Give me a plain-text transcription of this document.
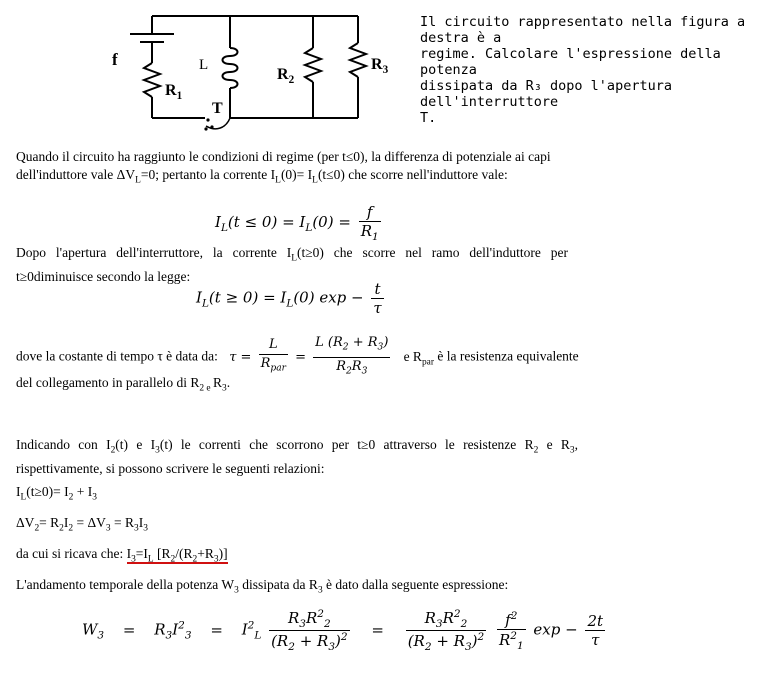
f	L
$R_1$
$R_2$
$R_3$
T
Il circuito rappresentato nella figura a destra è a
regime. Calcolare l'espressione della potenza
dissipata da R₃ dopo l'apertura dell'interruttore
T.
Quando il circuito ha raggiunto le condizioni di regime (per t≤0), la differenza di potenziale ai capi
dell'induttore vale $\Delta V_L=0$; pertanto la corrente $I_L(0)= I_L(t\le 0)$ che scorre nell'induttore vale:
$I_L(t \le 0) = I_L(0) = \frac{f}{R_1}$
Dopo l'apertura dell'interruttore, la corrente $I_L(t\ge 0)$ che scorre nel ramo dell'induttore per
t≥0diminuisce secondo la legge:
$I_L(t \ge 0) = I_L(0) \exp - \frac{t}{\tau}$
dove la costante di tempo τ è data da: $\tau = \frac{L}{R_{par}} = \frac{L (R_2 + R_3)}{R_2R_3}$ e $R_{par}$ è la resistenza equivalente
del collegamento in parallelo di $R_2$ $_e$ $R_3$.
Indicando con $I_2(t)$ e $I_3(t)$ le correnti che scorrono per t≥0 attraverso le resistenze $R_2$ e $R_3$,
rispettivamente, si possono scrivere le seguenti relazioni:
$I_L(t\ge 0)= I_2 + I_3$
$\Delta V_2= R_2I_2 = \Delta V_3 = R_3I_3$
da cui si ricava che: $I_3=I_L$ $[R_2/(R_2+R_3)]$
L'andamento temporale della potenza $W_3$ dissipata da $R_3$ è dato dalla seguente espressione:
$W_3 = R_3I^2_3 = I^2_L \frac{R_3R^2_2}{(R_2 + R_3)^2} = \frac{R_3R^2_2}{(R_2 + R_3)^2}$
$\frac{f^2}{R^2_1}$ $\exp - \frac{2t}{\tau}$
